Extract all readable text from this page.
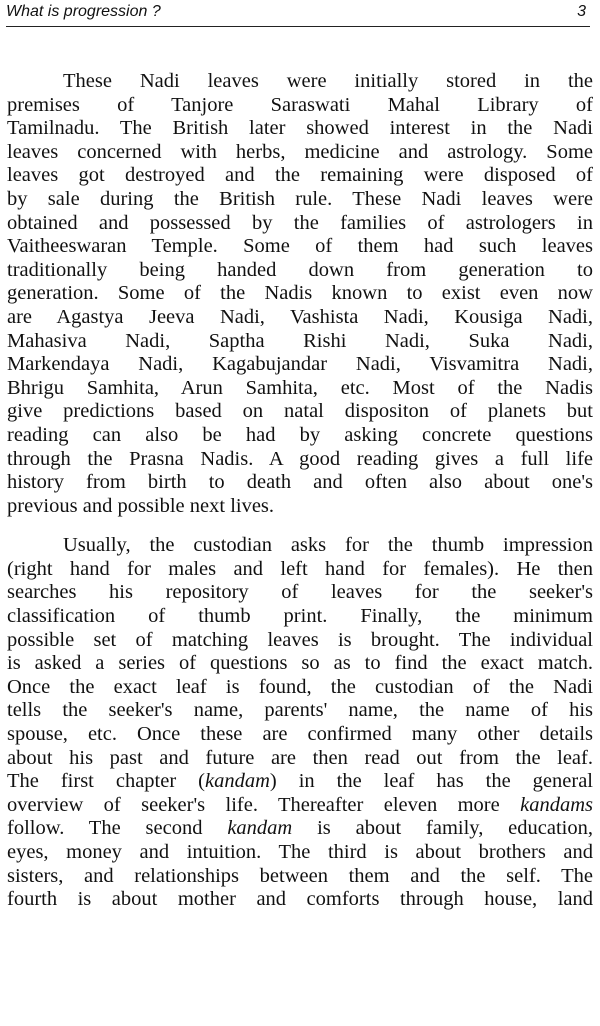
What is progression ?	3

These Nadi leaves were initially stored in the
premises of Tanjore Saraswati Mahal Library of
Tamilnadu. The British later showed interest in the Nadi
leaves concerned with herbs, medicine and astrology. Some
leaves got destroyed and the remaining were disposed of
by sale during the British rule. These Nadi leaves were
obtained and possessed by the families of astrologers in
Vaitheeswaran Temple. Some of them had such leaves
traditionally being handed down from generation to
generation. Some of the Nadis known to exist even now
are Agastya Jeeva Nadi, Vashista Nadi, Kousiga Nadi,
Mahasiva Nadi, Saptha Rishi Nadi, Suka Nadi,
Markendaya Nadi, Kagabujandar Nadi, Visvamitra Nadi,
Bhrigu Samhita, Arun Samhita, etc. Most of the Nadis
give predictions based on natal dispositon of planets but
reading can also be had by asking concrete questions
through the Prasna Nadis. A good reading gives a full life
history from birth to death and often also about one's
previous and possible next lives.

Usually, the custodian asks for the thumb impression
(right hand for males and left hand for females). He then
searches his repository of leaves for the seeker's
classification of thumb print. Finally, the minimum
possible set of matching leaves is brought. The individual
is asked a series of questions so as to find the exact match.
Once the exact leaf is found, the custodian of the Nadi
tells the seeker's name, parents' name, the name of his
spouse, etc. Once these are confirmed many other details
about his past and future are then read out from the leaf.
The first chapter (kandam) in the leaf has the general
overview of seeker's life. Thereafter eleven more kandams
follow. The second kandam is about family, education,
eyes, money and intuition. The third is about brothers and
sisters, and relationships between them and the self. The
fourth is about mother and comforts through house, land
